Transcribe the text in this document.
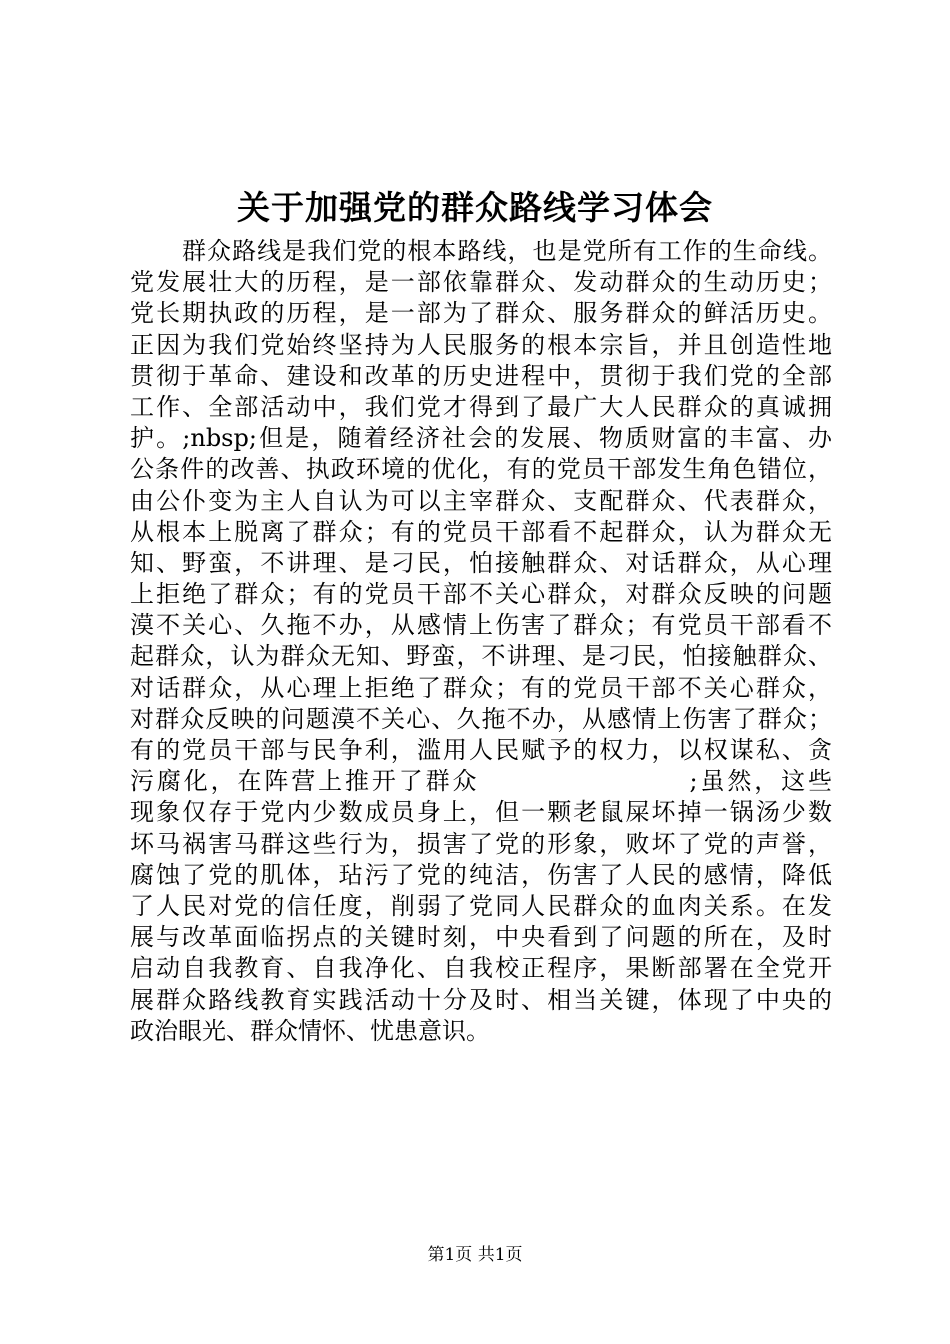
关于加强党的群众路线学习体会
群众路线是我们党的根本路线，也是党所有工作的生命线。
党发展壮大的历程，是一部依靠群众、发动群众的生动历史；
党长期执政的历程，是一部为了群众、服务群众的鲜活历史。
正因为我们党始终坚持为人民服务的根本宗旨，并且创造性地
贯彻于革命、建设和改革的历史进程中，贯彻于我们党的全部
工作、全部活动中，我们党才得到了最广大人民群众的真诚拥
护。;nbsp;但是，随着经济社会的发展、物质财富的丰富、办
公条件的改善、执政环境的优化，有的党员干部发生角色错位，
由公仆变为主人自认为可以主宰群众、支配群众、代表群众，
从根本上脱离了群众；有的党员干部看不起群众，认为群众无
知、野蛮，不讲理、是刁民，怕接触群众、对话群众，从心理
上拒绝了群众；有的党员干部不关心群众，对群众反映的问题
漠不关心、久拖不办，从感情上伤害了群众；有党员干部看不
起群众，认为群众无知、野蛮，不讲理、是刁民，怕接触群众、
对话群众，从心理上拒绝了群众；有的党员干部不关心群众，
对群众反映的问题漠不关心、久拖不办，从感情上伤害了群众；
有的党员干部与民争利，滥用人民赋予的权力，以权谋私、贪
污腐化，在阵营上推开了群众                    ;虽然，这些
现象仅存于党内少数成员身上，但一颗老鼠屎坏掉一锅汤少数
坏马祸害马群这些行为，损害了党的形象，败坏了党的声誉，
腐蚀了党的肌体，玷污了党的纯洁，伤害了人民的感情，降低
了人民对党的信任度，削弱了党同人民群众的血肉关系。在发
展与改革面临拐点的关键时刻，中央看到了问题的所在，及时
启动自我教育、自我净化、自我校正程序，果断部署在全党开
展群众路线教育实践活动十分及时、相当关键，体现了中央的
政治眼光、群众情怀、忧患意识。
第1页 共1页
